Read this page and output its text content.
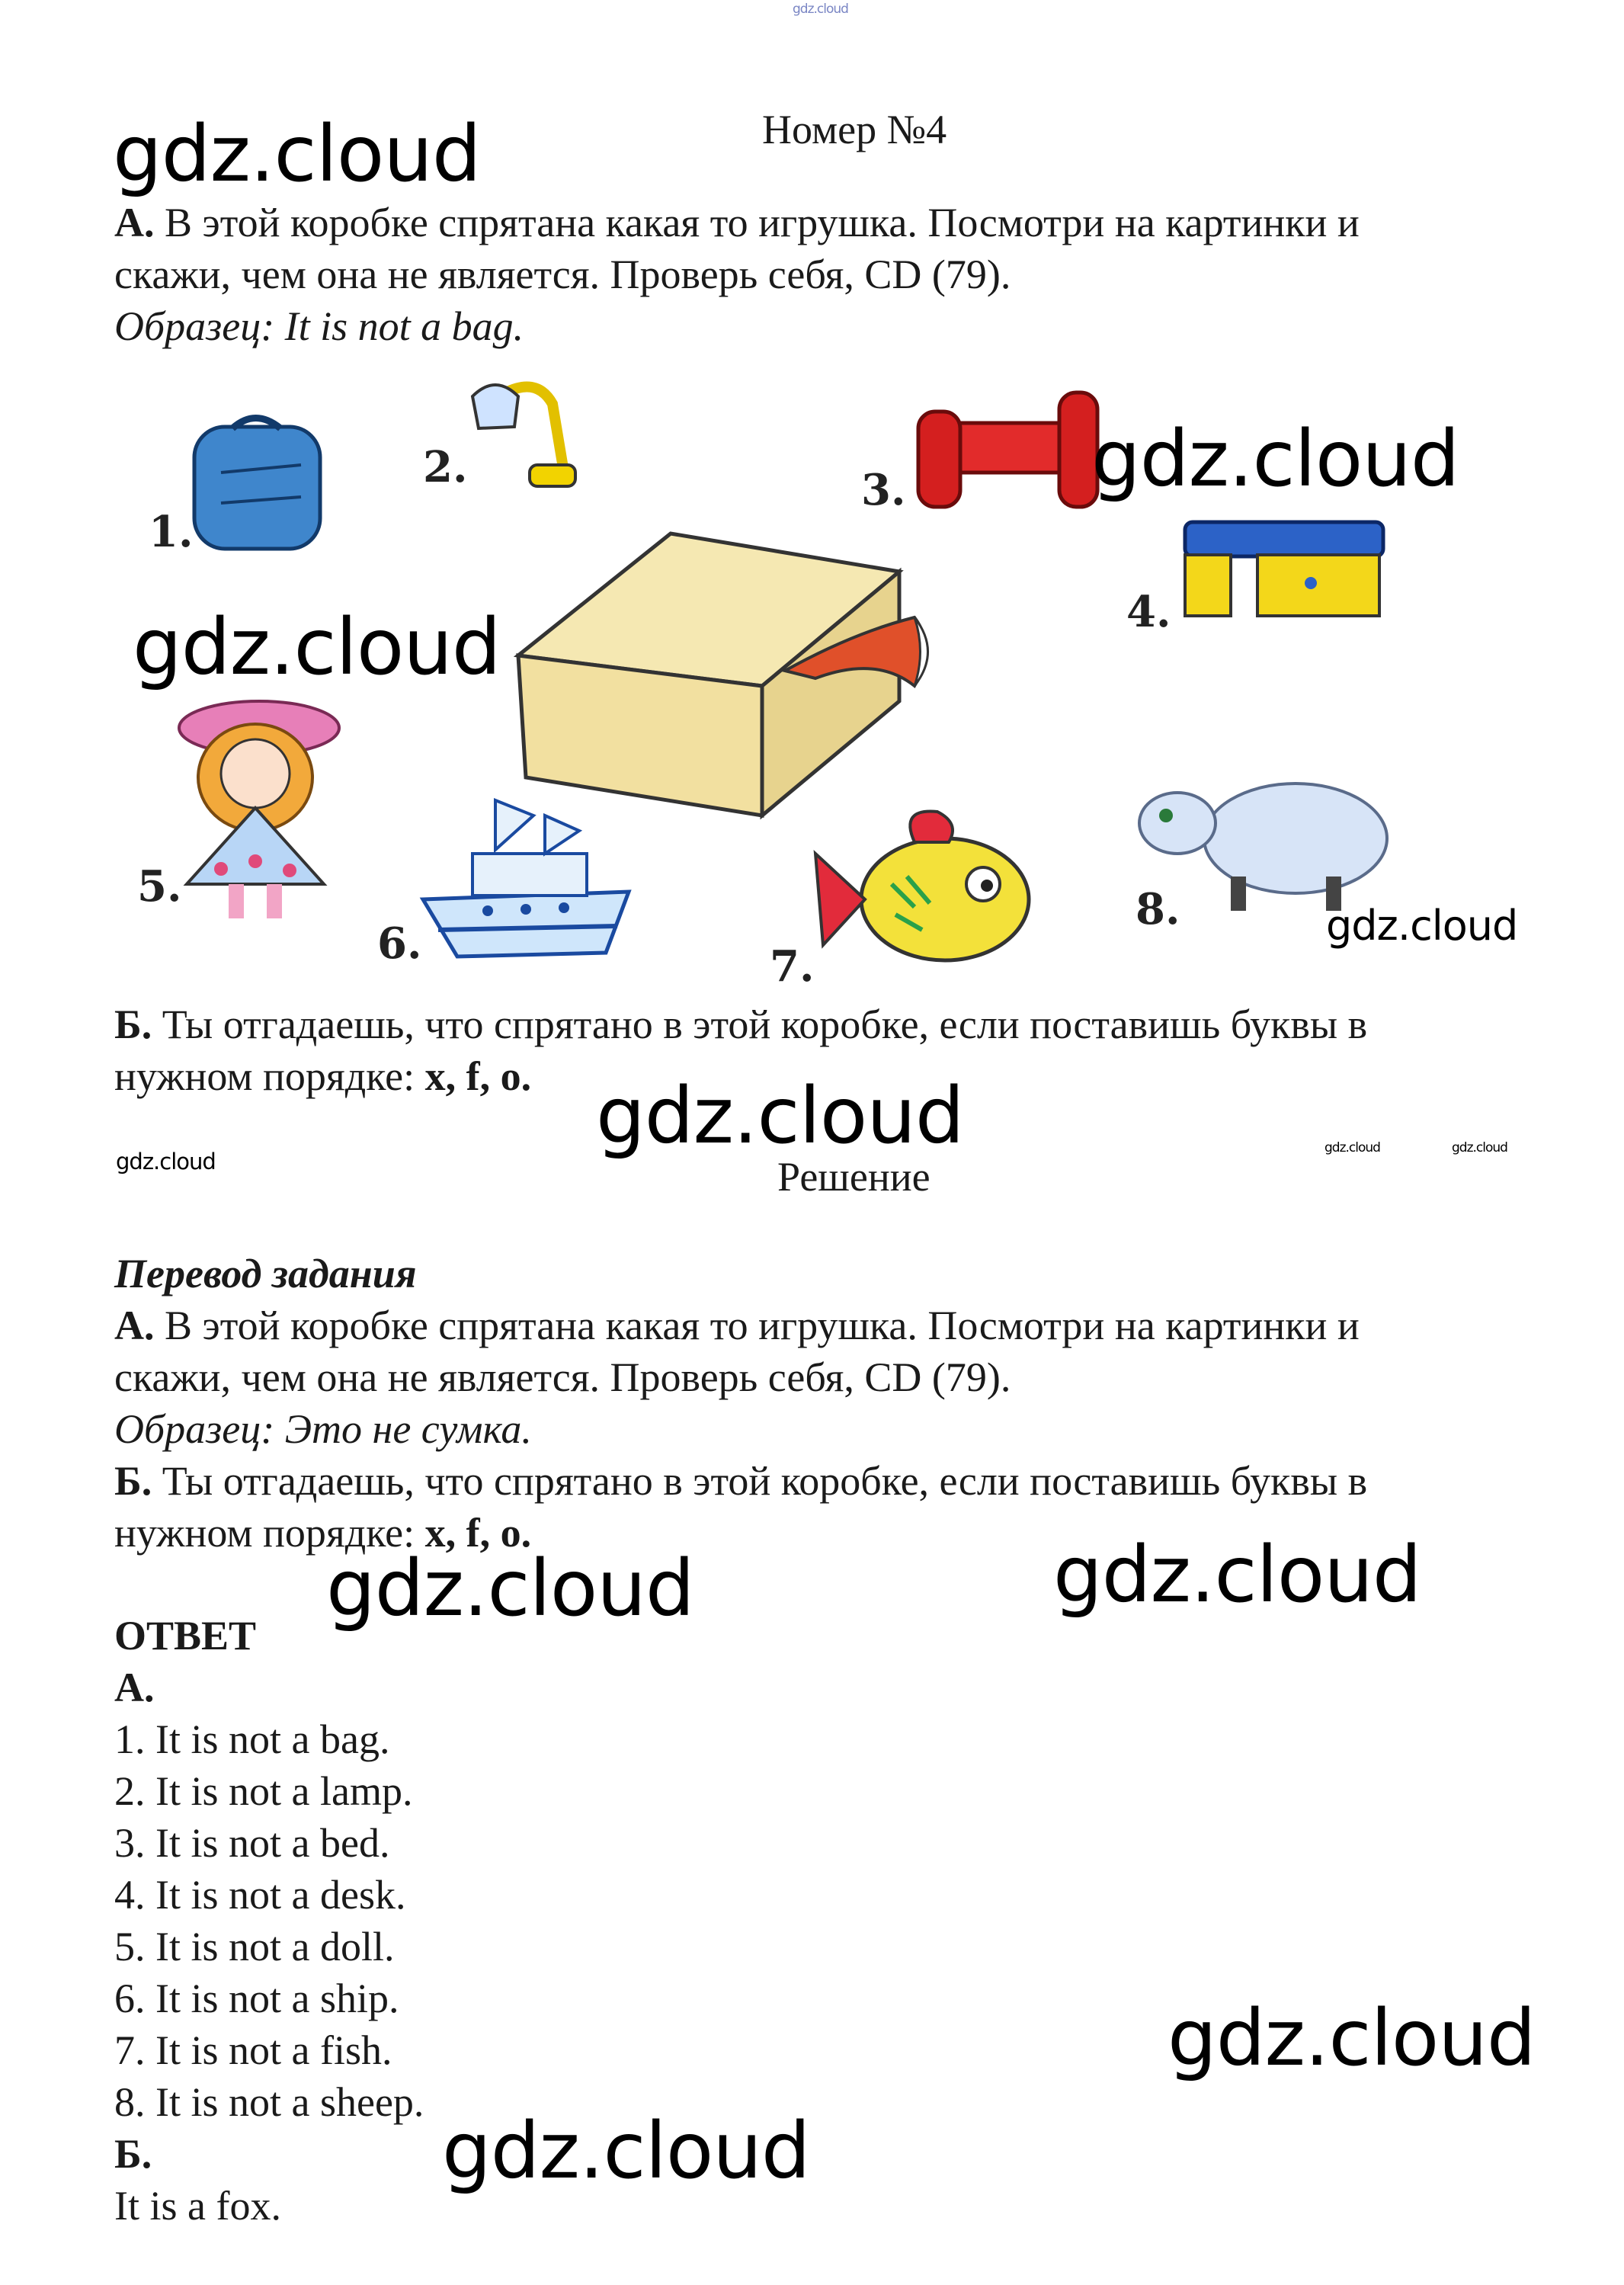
gdz.cloud
Номер №4
gdz.cloud
А. В этой коробке спрятана какая то игрушка. Посмотри на картинки и
скажи, чем она не является. Проверь себя, CD (79).
Образец: It is not a bag.
1.
2.	3.
4.
5.
6.	7.
8.
gdz.cloud
gdz.cloud
gdz.cloud
Б. Ты отгадаешь, что спрятано в этой коробке, если поставишь буквы в
нужном порядке: x, f, o. gdz.cloud
gdz.cloud
gdz.cloud	gdz.cloud
Решение
Перевод задания
А. В этой коробке спрятана какая то игрушка. Посмотри на картинки и
скажи, чем она не является. Проверь себя, CD (79).
Образец: Это не сумка.
Б. Ты отгадаешь, что спрятано в этой коробке, если поставишь буквы в
нужном порядке: x, f, o.
gdz.cloud	gdz.cloud
ОТВЕТ
А.
1. It is not a bag.
2. It is not a lamp.
3. It is not a bed.
4. It is not a desk.
5. It is not a doll.
6. It is not a ship.
7. It is not a fish.
8. It is not a sheep.
Б.
It is a fox.
gdz.cloud
gdz.cloud
